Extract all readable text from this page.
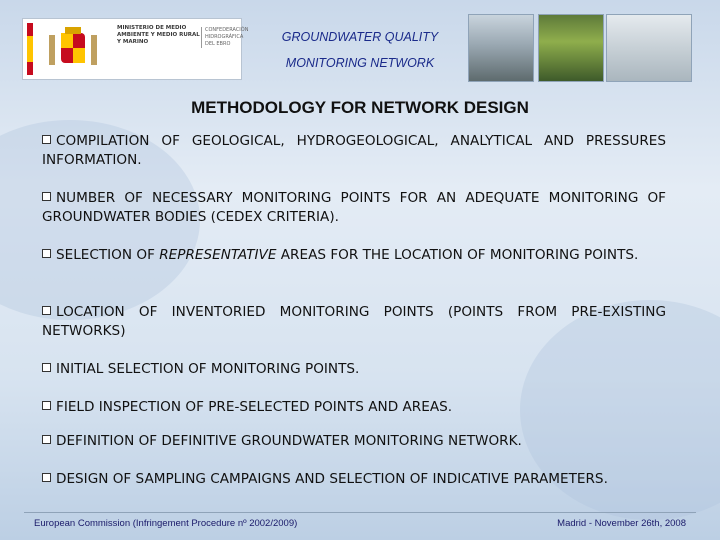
MINISTERIO DE MEDIO AMBIENTE Y MEDIO RURAL Y MARINO
CONFEDERACIÓN HIDROGRÁFICA DEL EBRO	GROUNDWATER QUALITY
MONITORING NETWORK
METHODOLOGY FOR NETWORK DESIGN
COMPILATION OF GEOLOGICAL, HYDROGEOLOGICAL, ANALYTICAL AND PRESSURES INFORMATION.
NUMBER OF NECESSARY MONITORING POINTS FOR AN ADEQUATE MONITORING OF GROUNDWATER BODIES (CEDEX CRITERIA).
SELECTION OF REPRESENTATIVE AREAS FOR THE LOCATION OF MONITORING POINTS.
LOCATION OF INVENTORIED MONITORING POINTS (POINTS FROM PRE-EXISTING NETWORKS)
INITIAL SELECTION OF MONITORING POINTS.
FIELD INSPECTION OF PRE-SELECTED POINTS AND AREAS.
DEFINITION OF DEFINITIVE GROUNDWATER MONITORING NETWORK.
DESIGN OF SAMPLING CAMPAIGNS AND SELECTION OF INDICATIVE PARAMETERS.
European Commission (Infringement Procedure nº 2002/2009)	Madrid - November 26th, 2008
